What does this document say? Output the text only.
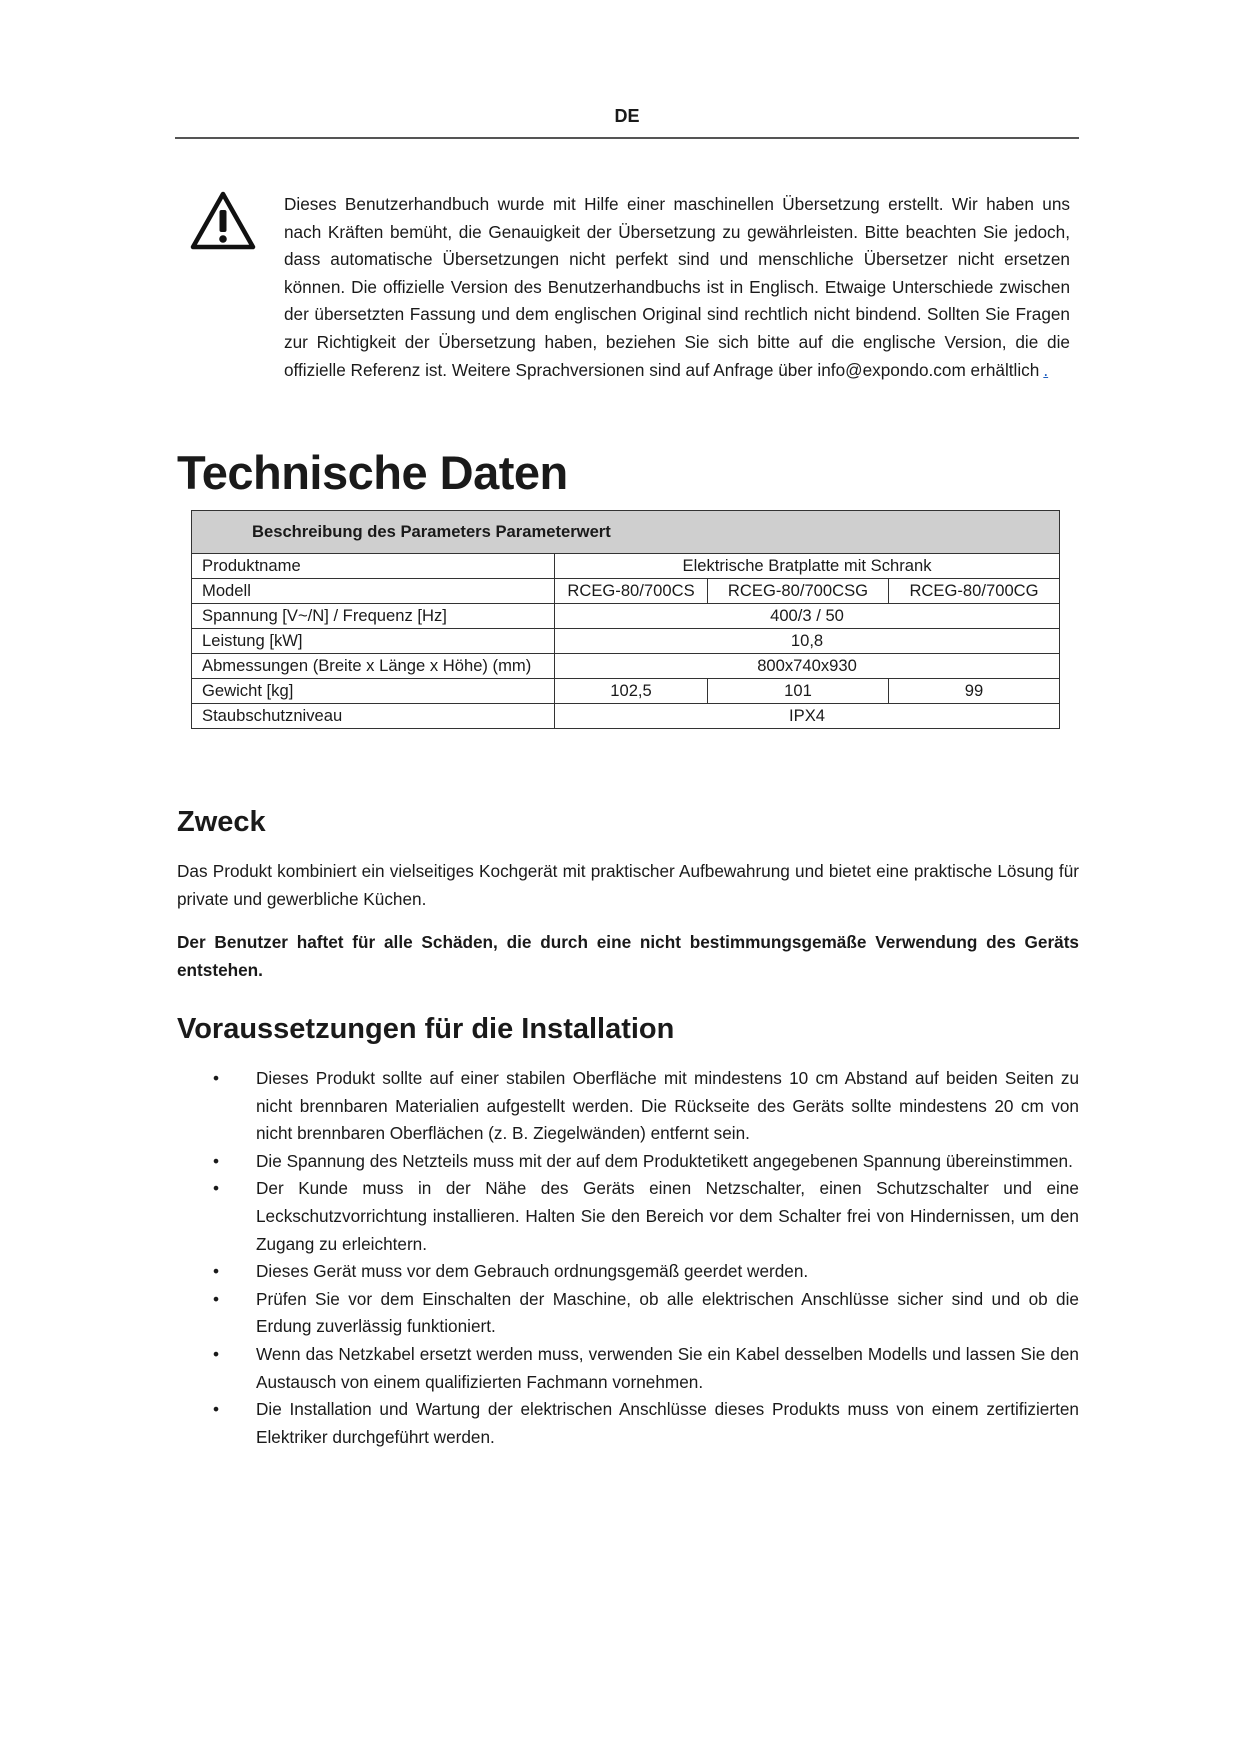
DE
Dieses Benutzerhandbuch wurde mit Hilfe einer maschinellen Übersetzung erstellt. Wir haben uns nach Kräften bemüht, die Genauigkeit der Übersetzung zu gewährleisten. Bitte beachten Sie jedoch, dass automatische Übersetzungen nicht perfekt sind und menschliche Übersetzer nicht ersetzen können. Die offizielle Version des Benutzerhandbuchs ist in Englisch. Etwaige Unterschiede zwischen der übersetzten Fassung und dem englischen Original sind rechtlich nicht bindend. Sollten Sie Fragen zur Richtigkeit der Übersetzung haben, beziehen Sie sich bitte auf die englische Version, die die offizielle Referenz ist. Weitere Sprachversionen sind auf Anfrage über info@expondo.com erhältlich .
Technische Daten
Beschreibung des Parameters Parameterwert			
Produktname	Elektrische Bratplatte mit Schrank		
Modell	RCEG-80/700CS	RCEG-80/700CSG	RCEG-80/700CG
Spannung [V~/N] / Frequenz [Hz]	400/3 / 50		
Leistung [kW]	10,8		
Abmessungen (Breite x Länge x Höhe) (mm)	800x740x930		
Gewicht [kg]	102,5	101	99
Staubschutzniveau	IPX4		
Zweck

Das Produkt kombiniert ein vielseitiges Kochgerät mit praktischer Aufbewahrung und bietet eine praktische Lösung für private und gewerbliche Küchen.

Der Benutzer haftet für alle Schäden, die durch eine nicht bestimmungsgemäße Verwendung des Geräts entstehen.

Voraussetzungen für die Installation
• Dieses Produkt sollte auf einer stabilen Oberfläche mit mindestens 10 cm Abstand auf beiden Seiten zu nicht brennbaren Materialien aufgestellt werden. Die Rückseite des Geräts sollte mindestens 20 cm von nicht brennbaren Oberflächen (z. B. Ziegelwänden) entfernt sein.
• Die Spannung des Netzteils muss mit der auf dem Produktetikett angegebenen Spannung übereinstimmen.
• Der Kunde muss in der Nähe des Geräts einen Netzschalter, einen Schutzschalter und eine Leckschutzvorrichtung installieren. Halten Sie den Bereich vor dem Schalter frei von Hindernissen, um den Zugang zu erleichtern.
• Dieses Gerät muss vor dem Gebrauch ordnungsgemäß geerdet werden.
• Prüfen Sie vor dem Einschalten der Maschine, ob alle elektrischen Anschlüsse sicher sind und ob die Erdung zuverlässig funktioniert.
• Wenn das Netzkabel ersetzt werden muss, verwenden Sie ein Kabel desselben Modells und lassen Sie den Austausch von einem qualifizierten Fachmann vornehmen.
• Die Installation und Wartung der elektrischen Anschlüsse dieses Produkts muss von einem zertifizierten Elektriker durchgeführt werden.
